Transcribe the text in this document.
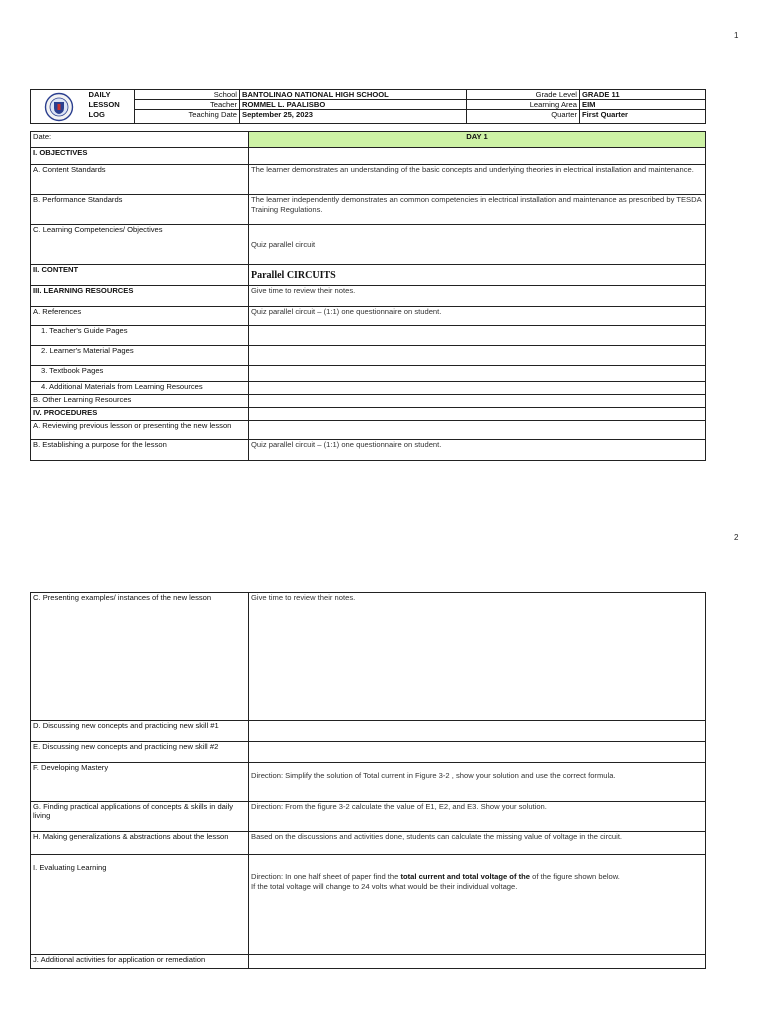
1

DAILY
LESSON
LOG	School	BANTOLINAO NATIONAL HIGH SCHOOL	Grade Level	GRADE 11
		Teacher	ROMMEL L. PAALISBO	Learning Area	EIM
		Teaching Date	September 25, 2023	Quarter	First Quarter
Date:	DAY 1
I. OBJECTIVES	
A. Content Standards	The learner demonstrates an understanding of the basic concepts and underlying theories in electrical installation and maintenance.
B. Performance Standards	The learner independently demonstrates an common competencies in electrical installation and maintenance as prescribed by TESDA Training Regulations.
C. Learning Competencies/ Objectives	Quiz parallel circuit
II. CONTENT	Parallel CIRCUITS
III. LEARNING RESOURCES	Give time to review their notes.
A. References	Quiz parallel circuit – (1:1) one questionnaire on student.
1. Teacher's Guide Pages	
2. Learner's Material Pages	
3. Textbook Pages	
4. Additional Materials from Learning Resources	
B. Other Learning Resources	
IV. PROCEDURES	
A. Reviewing previous lesson or presenting the new lesson	
B. Establishing a purpose for the lesson	Quiz parallel circuit – (1:1) one questionnaire on student.
2
C. Presenting examples/ instances of the new lesson	Give time to review their notes.
D. Discussing new concepts and practicing new skill #1	
E. Discussing new concepts and practicing new skill #2	
F. Developing Mastery	Direction: Simplify the solution of Total current in Figure 3-2 , show your solution and use the correct formula.
G. Finding practical applications of concepts & skills in daily living	Direction: From the figure 3-2 calculate the value of E1, E2, and E3. Show your solution.
H. Making generalizations & abstractions about the lesson	Based on the discussions and activities done, students can calculate the missing value of voltage in the circuit.
I. Evaluating Learning	Direction: In one half sheet of paper find the total current and total voltage of the of the figure shown below.
If the total voltage will change to 24 volts what would be their individual voltage.
J. Additional activities for application or remediation	
